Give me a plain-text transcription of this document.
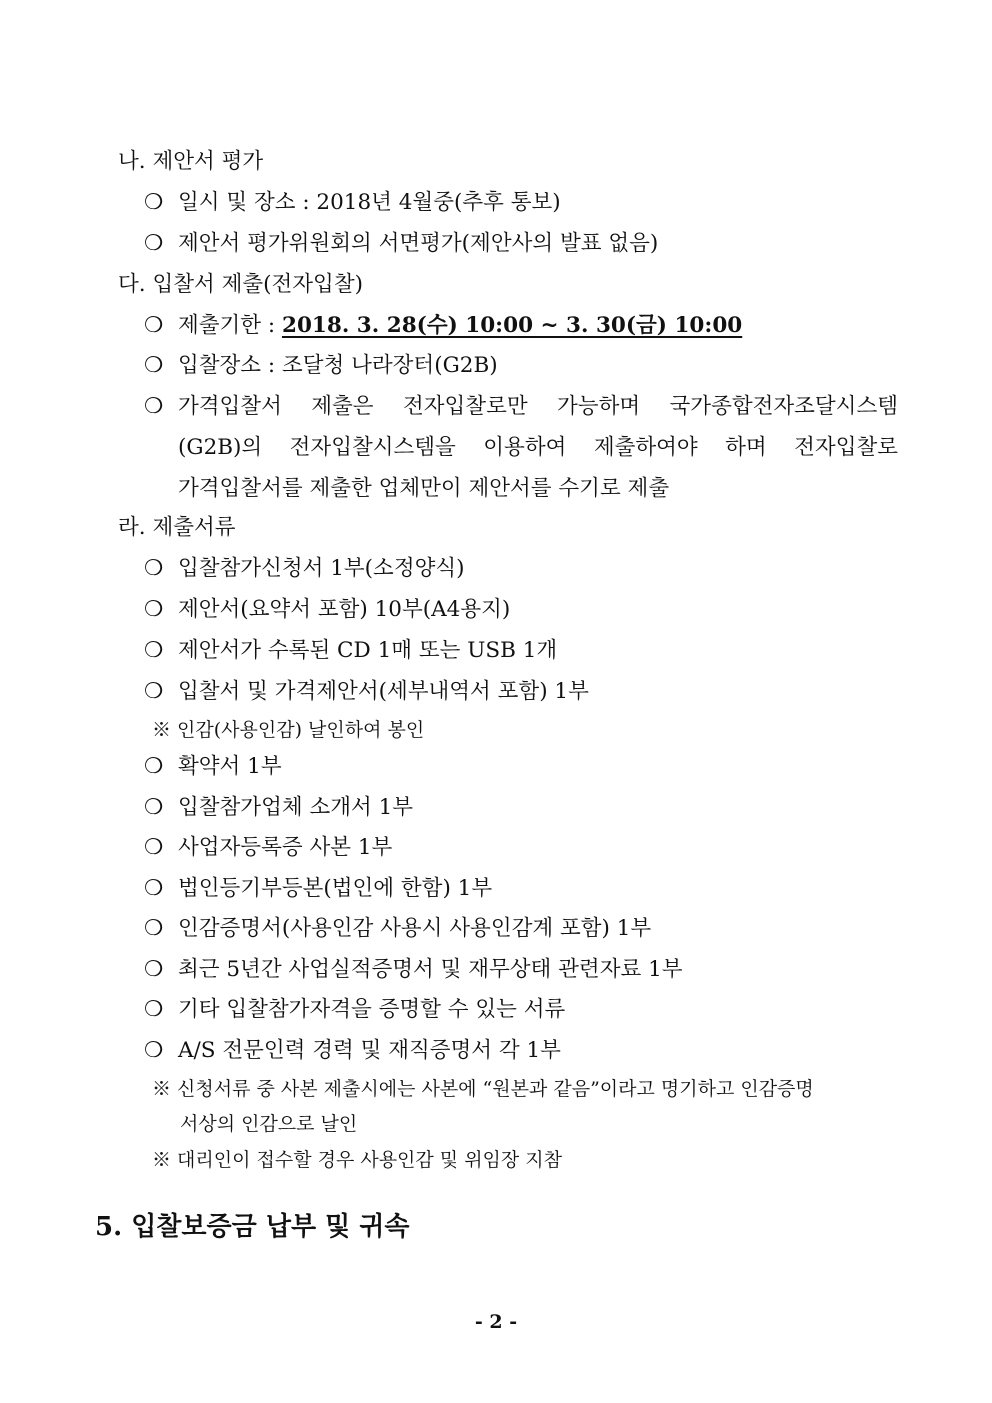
나. 제안서 평가
❍ 일시 및 장소 : 2018년 4월중(추후 통보)
❍ 제안서 평가위원회의 서면평가(제안사의 발표 없음)
다. 입찰서 제출(전자입찰)
❍ 제출기한 : 2018. 3. 28(수) 10:00 ~ 3. 30(금) 10:00
❍ 입찰장소 : 조달청 나라장터(G2B)
❍ 가격입찰서 제출은 전자입찰로만 가능하며 국가종합전자조달시스템
(G2B)의 전자입찰시스템을 이용하여 제출하여야 하며 전자입찰로
가격입찰서를 제출한 업체만이 제안서를 수기로 제출
라. 제출서류
❍ 입찰참가신청서 1부(소정양식)
❍ 제안서(요약서 포함) 10부(A4용지)
❍ 제안서가 수록된 CD 1매 또는 USB 1개
❍ 입찰서 및 가격제안서(세부내역서 포함) 1부
※ 인감(사용인감) 날인하여 봉인
❍ 확약서 1부
❍ 입찰참가업체 소개서 1부
❍ 사업자등록증 사본 1부
❍ 법인등기부등본(법인에 한함) 1부
❍ 인감증명서(사용인감 사용시 사용인감계 포함) 1부
❍ 최근 5년간 사업실적증명서 및 재무상태 관련자료 1부
❍ 기타 입찰참가자격을 증명할 수 있는 서류
❍ A/S 전문인력 경력 및 재직증명서 각 1부
※ 신청서류 중 사본 제출시에는 사본에 “원본과 같음”이라고 명기하고 인감증명
서상의 인감으로 날인
※ 대리인이 접수할 경우 사용인감 및 위임장 지참
5. 입찰보증금 납부 및 귀속
- 2 -
